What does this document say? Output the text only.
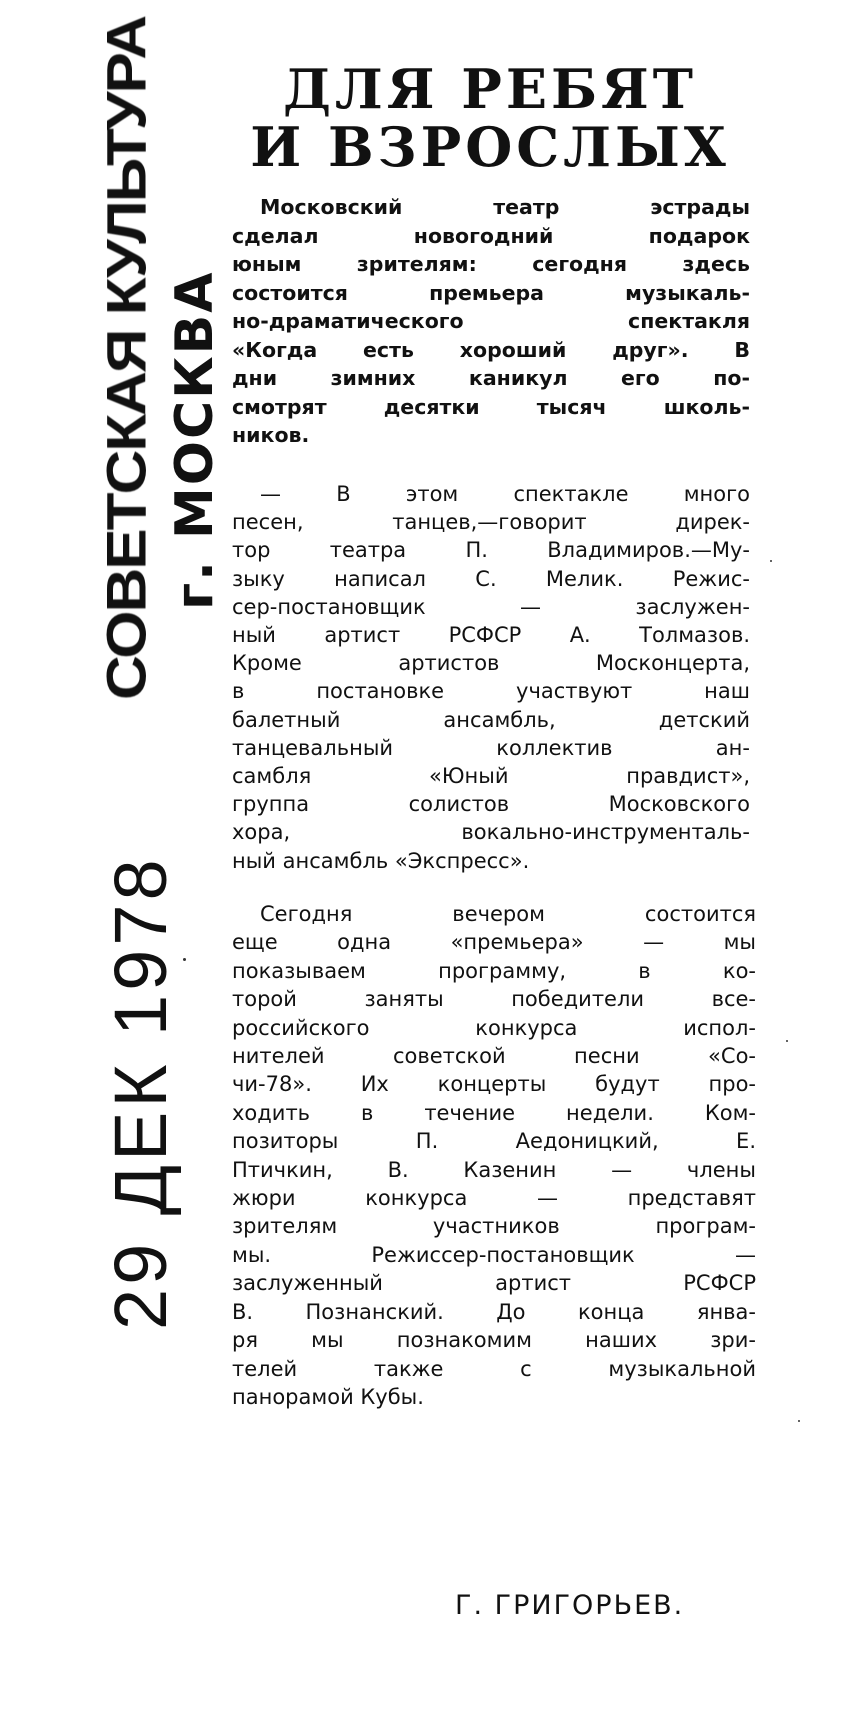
СОВЕТСКАЯ КУЛЬТУРА г. МОСКВА
29 ДЕК 1978
ДЛЯ РЕБЯТ
И ВЗРОСЛЫХ
Московский театр эстрады
сделал новогодний подарок
юным зрителям: сегодня здесь
состоится премьера музыкаль-
но-драматического спектакля
«Когда есть хороший друг». В
дни зимних каникул его по-
смотрят десятки тысяч школь-
ников.
— В этом спектакле много
песен, танцев,—говорит дирек-
тор театра П. Владимиров.—Му-
зыку написал С. Мелик. Режис-
сер-постановщик — заслужен-
ный артист РСФСР А. Толмазов.
Кроме артистов Москонцерта,
в постановке участвуют наш
балетный ансамбль, детский
танцевальный коллектив ан-
самбля «Юный правдист»,
группа солистов Московского
хора, вокально-инструменталь-
ный ансамбль «Экспресс».
Сегодня вечером состоится
еще одна «премьера» — мы
показываем программу, в ко-
торой заняты победители все-
российского конкурса испол-
нителей советской песни «Со-
чи-78». Их концерты будут про-
ходить в течение недели. Ком-
позиторы П. Аедоницкий, Е.
Птичкин, В. Казенин — члены
жюри конкурса — представят
зрителям участников програм-
мы. Режиссер-постановщик —
заслуженный артист РСФСР
В. Познанский. До конца янва-
ря мы познакомим наших зри-
телей также с музыкальной
панорамой Кубы.
Г. ГРИГОРЬЕВ.
